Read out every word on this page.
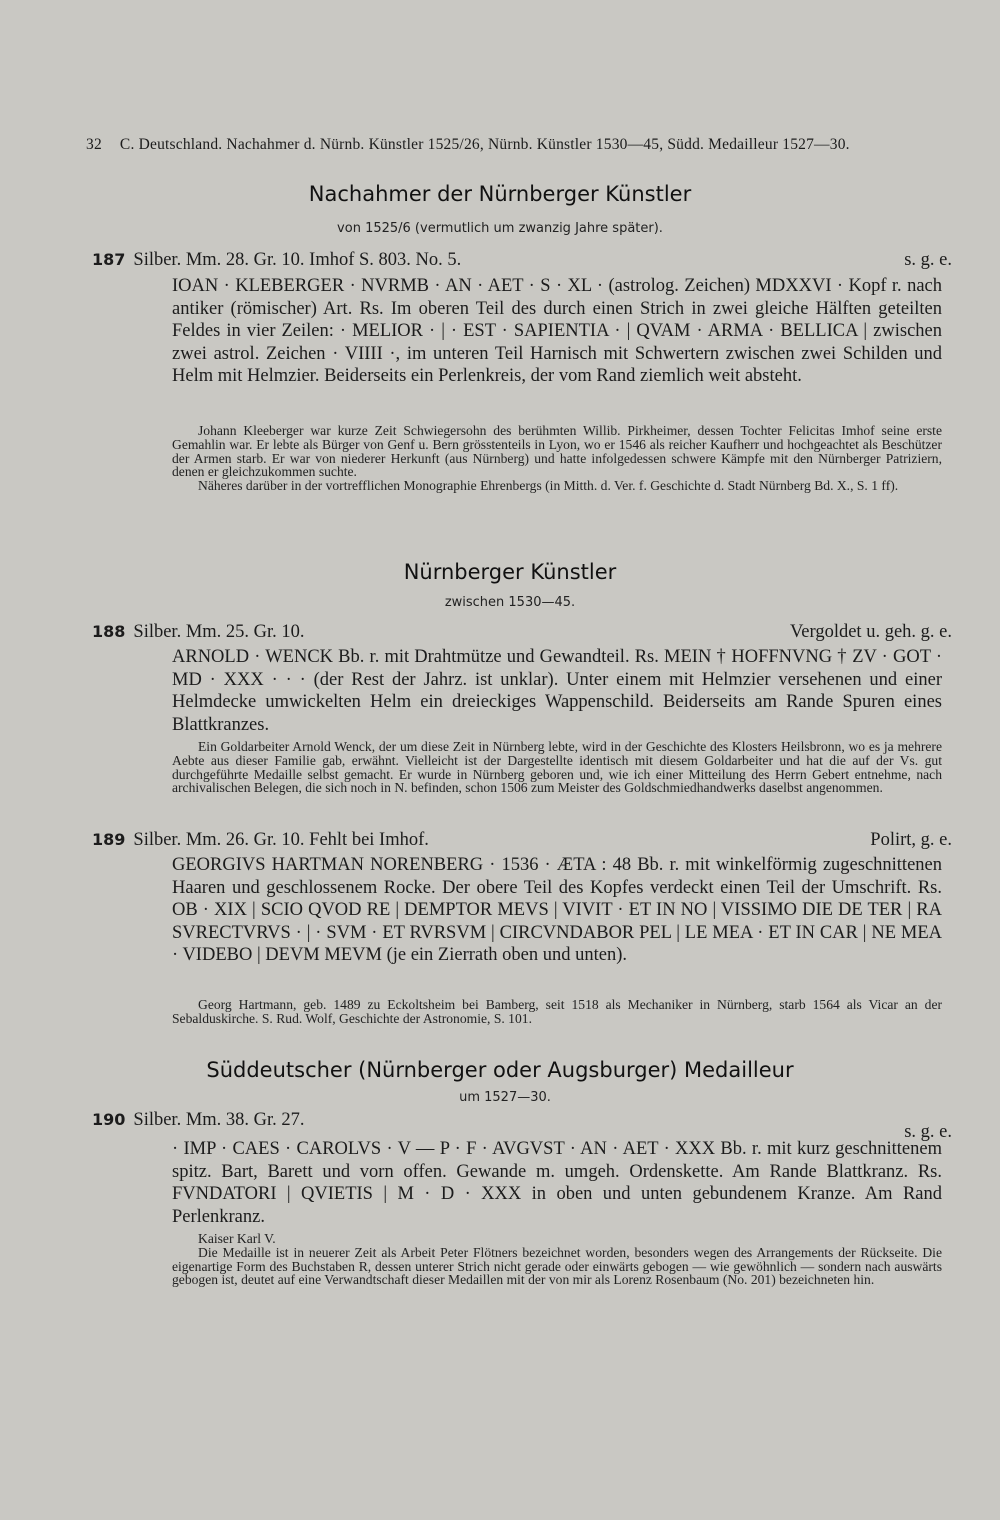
32 C. Deutschland. Nachahmer d. Nürnb. Künstler 1525/26, Nürnb. Künstler 1530—45, Südd. Medailleur 1527—30.
Nachahmer der Nürnberger Künstler
von 1525/6 (vermutlich um zwanzig Jahre später).
187 Silber. Mm. 28. Gr. 10. Imhof S. 803. No. 5.	s. g. e.
IOAN · KLEBERGER · NVRMB · AN · AET · S · XL · (astrolog. Zeichen) MDXXVI · Kopf r. nach antiker (römischer) Art. Rs. Im oberen Teil des durch einen Strich in zwei gleiche Hälften geteilten Feldes in vier Zeilen: · MELIOR · | · EST · SAPIENTIA · | QVAM · ARMA · BELLICA | zwischen zwei astrol. Zeichen · VIIII ·, im unteren Teil Harnisch mit Schwertern zwischen zwei Schilden und Helm mit Helmzier. Beiderseits ein Perlenkreis, der vom Rand ziemlich weit absteht.

Johann Kleeberger war kurze Zeit Schwiegersohn des berühmten Willib. Pirkheimer, dessen Tochter Felicitas Imhof seine erste Gemahlin war. Er lebte als Bürger von Genf u. Bern grösstenteils in Lyon, wo er 1546 als reicher Kaufherr und hochgeachtet als Beschützer der Armen starb. Er war von niederer Herkunft (aus Nürnberg) und hatte infolgedessen schwere Kämpfe mit den Nürnberger Patriziern, denen er gleichzukommen suchte.

Näheres darüber in der vortrefflichen Monographie Ehrenbergs (in Mitth. d. Ver. f. Geschichte d. Stadt Nürnberg Bd. X., S. 1 ff).

Nürnberger Künstler
zwischen 1530—45.
188 Silber. Mm. 25. Gr. 10.	Vergoldet u. geh. g. e.
ARNOLD · WENCK Bb. r. mit Drahtmütze und Gewandteil. Rs. MEIN † HOFFNVNG † ZV · GOT · MD · XXX · · · (der Rest der Jahrz. ist unklar). Unter einem mit Helmzier versehenen und einer Helmdecke umwickelten Helm ein dreieckiges Wappenschild. Beiderseits am Rande Spuren eines Blattkranzes.

Ein Goldarbeiter Arnold Wenck, der um diese Zeit in Nürnberg lebte, wird in der Geschichte des Klosters Heilsbronn, wo es ja mehrere Aebte aus dieser Familie gab, erwähnt. Vielleicht ist der Dargestellte identisch mit diesem Goldarbeiter und hat die auf der Vs. gut durchgeführte Medaille selbst gemacht. Er wurde in Nürnberg geboren und, wie ich einer Mitteilung des Herrn Gebert entnehme, nach archivalischen Belegen, die sich noch in N. befinden, schon 1506 zum Meister des Goldschmiedhandwerks daselbst angenommen.

189 Silber. Mm. 26. Gr. 10. Fehlt bei Imhof.	Polirt, g. e.
GEORGIVS HARTMAN NORENBERG · 1536 · ÆTA : 48 Bb. r. mit winkelförmig zugeschnittenen Haaren und geschlossenem Rocke. Der obere Teil des Kopfes verdeckt einen Teil der Umschrift. Rs. OB · XIX | SCIO QVOD RE | DEMPTOR MEVS | VIVIT · ET IN NO | VISSIMO DIE DE TER | RA SVRECTVRVS · | · SVM · ET RVRSVM | CIRCVNDABOR PEL | LE MEA · ET IN CAR | NE MEA · VIDEBO | DEVM MEVM (je ein Zierrath oben und unten).

Georg Hartmann, geb. 1489 zu Eckoltsheim bei Bamberg, seit 1518 als Mechaniker in Nürnberg, starb 1564 als Vicar an der Sebalduskirche. S. Rud. Wolf, Geschichte der Astronomie, S. 101.

Süddeutscher (Nürnberger oder Augsburger) Medailleur
um 1527—30.
190 Silber. Mm. 38. Gr. 27.
s. g. e.
· IMP · CAES · CAROLVS · V — P · F · AVGVST · AN · AET · XXX Bb. r. mit kurz geschnittenem spitz. Bart, Barett und vorn offen. Gewande m. umgeh. Ordenskette. Am Rande Blattkranz. Rs. FVNDATORI | QVIETIS | M · D · XXX in oben und unten gebundenem Kranze. Am Rand Perlenkranz.

Kaiser Karl V.

Die Medaille ist in neuerer Zeit als Arbeit Peter Flötners bezeichnet worden, besonders wegen des Arrangements der Rückseite. Die eigenartige Form des Buchstaben R, dessen unterer Strich nicht gerade oder einwärts gebogen — wie gewöhnlich — sondern nach auswärts gebogen ist, deutet auf eine Verwandtschaft dieser Medaillen mit der von mir als Lorenz Rosenbaum (No. 201) bezeichneten hin.
